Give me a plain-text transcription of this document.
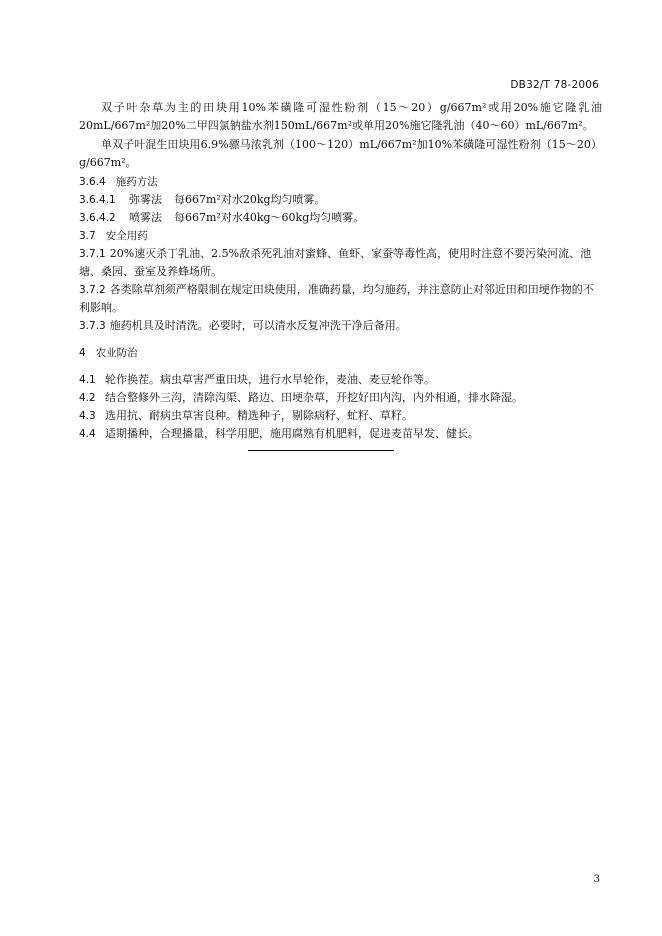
DB32/T 78-2006

双子叶杂草为主的田块用10%苯磺隆可湿性粉剂（15～20）g/667m²或用20%施它隆乳油20mL/667m²加20%二甲四氯钠盐水剂150mL/667m²或单用20%施它隆乳油（40～60）mL/667m²。

单双子叶混生田块用6.9%骠马浓乳剂（100～120）mL/667m²加10%苯磺隆可湿性粉剂（15～20）g/667m²。

3.6.4 施药方法
3.6.4.1 弥雾法 每667m²对水20kg均匀喷雾。
3.6.4.2 喷雾法 每667m²对水40kg～60kg均匀喷雾。
3.7 安全用药
3.7.1 20%速灭杀丁乳油、2.5%敌杀死乳油对蜜蜂、鱼虾、家蚕等毒性高，使用时注意不要污染河流、池塘、桑园、蚕室及养蜂场所。
3.7.2 各类除草剂须严格限制在规定田块使用，准确药量，均匀施药，并注意防止对邻近田和田埂作物的不利影响。
3.7.3 施药机具及时清洗。必要时，可以清水反复冲洗干净后备用。
4 农业防治
4.1 轮作换茬。病虫草害严重田块，进行水旱轮作，麦油、麦豆轮作等。
4.2 结合整修外三沟，清除沟渠、路边、田埂杂草，开挖好田内沟，内外相通，排水降湿。
4.3 选用抗、耐病虫草害良种。精选种子，剔除病籽、虻籽、草籽。
4.4 适期播种，合理播量，科学用肥，施用腐熟有机肥料，促进麦苗早发、健长。
3
